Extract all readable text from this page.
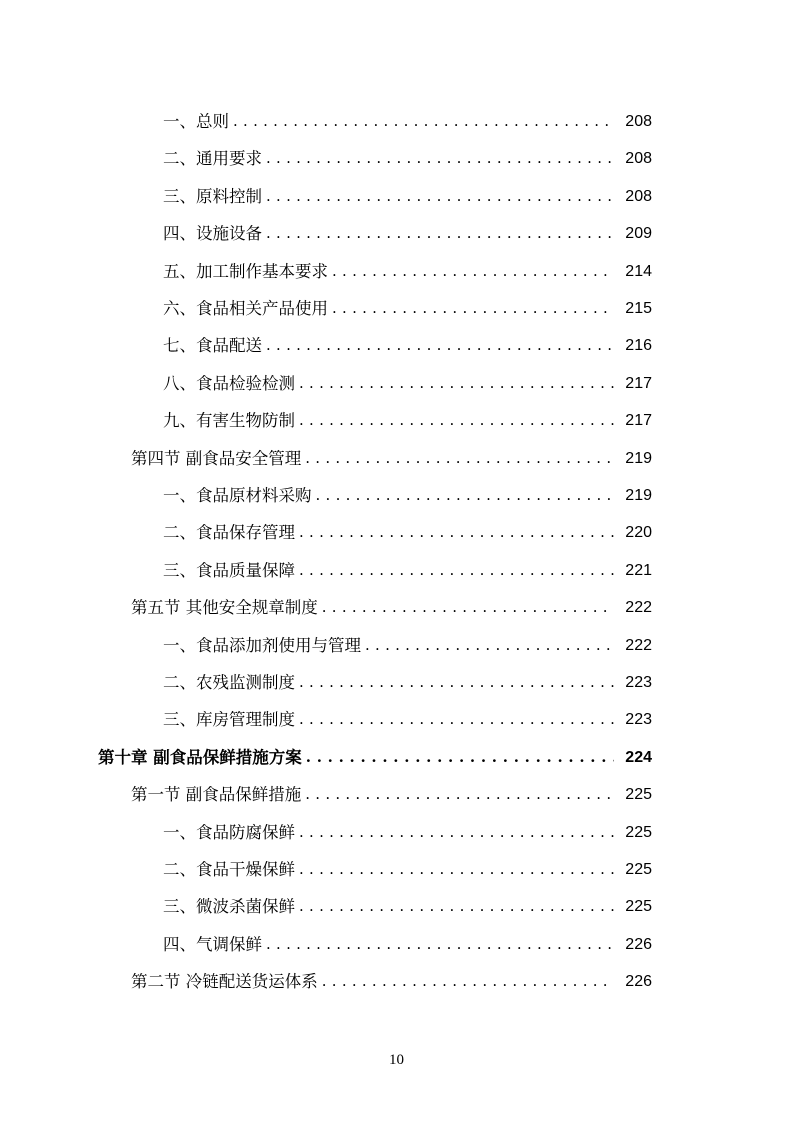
一、总则 . . .	208
二、通用要求 . . .	208
三、原料控制 . . .	208
四、设施设备 . . .	209
五、加工制作基本要求 . . .	214
六、食品相关产品使用 . . .	215
七、食品配送 . . .	216
八、食品检验检测 . . .	217
九、有害生物防制 . . .	217
第四节 副食品安全管理 . . .	219
一、食品原材料采购 . . .	219
二、食品保存管理 . . .	220
三、食品质量保障 . . .	221
第五节 其他安全规章制度 . . .	222
一、食品添加剂使用与管理 . . .	222
二、农残监测制度 . . .	223
三、库房管理制度 . . .	223
第十章 副食品保鲜措施方案 . . .	224
第一节 副食品保鲜措施 . . .	225
一、食品防腐保鲜 . . .	225
二、食品干燥保鲜 . . .	225
三、微波杀菌保鲜 . . .	225
四、气调保鲜 . . .	226
第二节 冷链配送货运体系 . . .	226
10
